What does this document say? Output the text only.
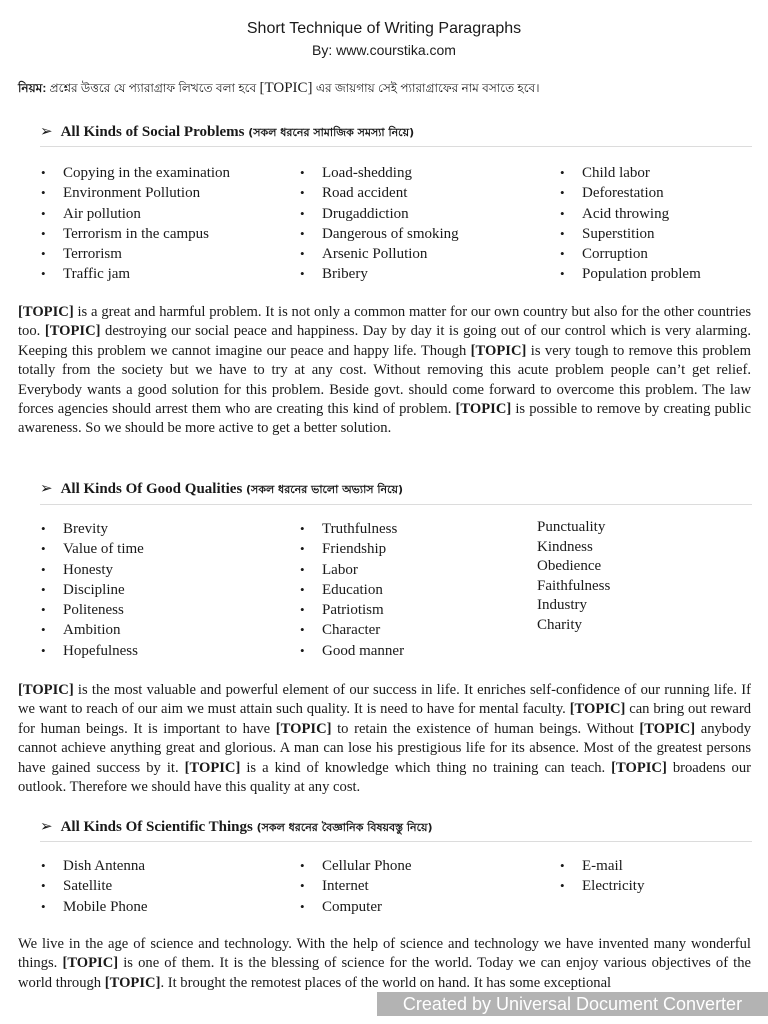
Short Technique of Writing Paragraphs
By: www.courstika.com
নিয়ম: প্রশ্নের উত্তরে যে প্যারাগ্রাফ লিখতে বলা হবে [TOPIC] এর জায়গায় সেই প্যারাগ্রাফের নাম বসাতে হবে।
➢ All Kinds of Social Problems (সকল ধরনের সামাজিক সমস্যা নিয়ে)
• Copying in the examination
• Environment Pollution
• Air pollution
• Terrorism in the campus
• Terrorism
• Traffic jam
• Load-shedding
• Road accident
• Drugaddiction
• Dangerous of smoking
• Arsenic Pollution
• Bribery
• Child labor
• Deforestation
• Acid throwing
• Superstition
• Corruption
• Population problem

[TOPIC] is a great and harmful problem. It is not only a common matter for our own country but also for the other countries too. [TOPIC] destroying our social peace and happiness. Day by day it is going out of our control which is very alarming. Keeping this problem we cannot imagine our peace and happy life. Though [TOPIC] is very tough to remove this problem totally from the society but we have to try at any cost. Without removing this acute problem people can’t get relief. Everybody wants a good solution for this problem. Beside govt. should come forward to overcome this problem. The law forces agencies should arrest them who are creating this kind of problem. [TOPIC] is possible to remove by creating public awareness. So we should be more active to get a better solution.

➢ All Kinds Of Good Qualities (সকল ধরনের ভালো অভ্যাস নিয়ে)
• Brevity
• Value of time
• Honesty
• Discipline
• Politeness
• Ambition
• Hopefulness
• Truthfulness
• Friendship
• Labor
• Education
• Patriotism
• Character
• Good manner
Punctuality
Kindness
Obedience
Faithfulness
Industry
Charity

[TOPIC] is the most valuable and powerful element of our success in life. It enriches self-confidence of our running life. If we want to reach of our aim we must attain such quality. It is need to have for mental faculty. [TOPIC] can bring out reward for human beings. It is important to have [TOPIC] to retain the existence of human beings. Without [TOPIC] anybody cannot achieve anything great and glorious. A man can lose his prestigious life for its absence. Most of the greatest persons have gained success by it. [TOPIC] is a kind of knowledge which thing no training can teach. [TOPIC] broadens our outlook. Therefore we should have this quality at any cost.

➢ All Kinds Of Scientific Things (সকল ধরনের বৈজ্ঞানিক বিষয়বস্তু নিয়ে)
• Dish Antenna
• Satellite
• Mobile Phone
• Cellular Phone
• Internet
• Computer
• E-mail
• Electricity

We live in the age of science and technology. With the help of science and technology we have invented many wonderful things. [TOPIC] is one of them. It is the blessing of science for the world. Today we can enjoy various objectives of the world through [TOPIC]. It brought the remotest places of the world on hand. It has some exceptional

Created by Universal Document Converter
